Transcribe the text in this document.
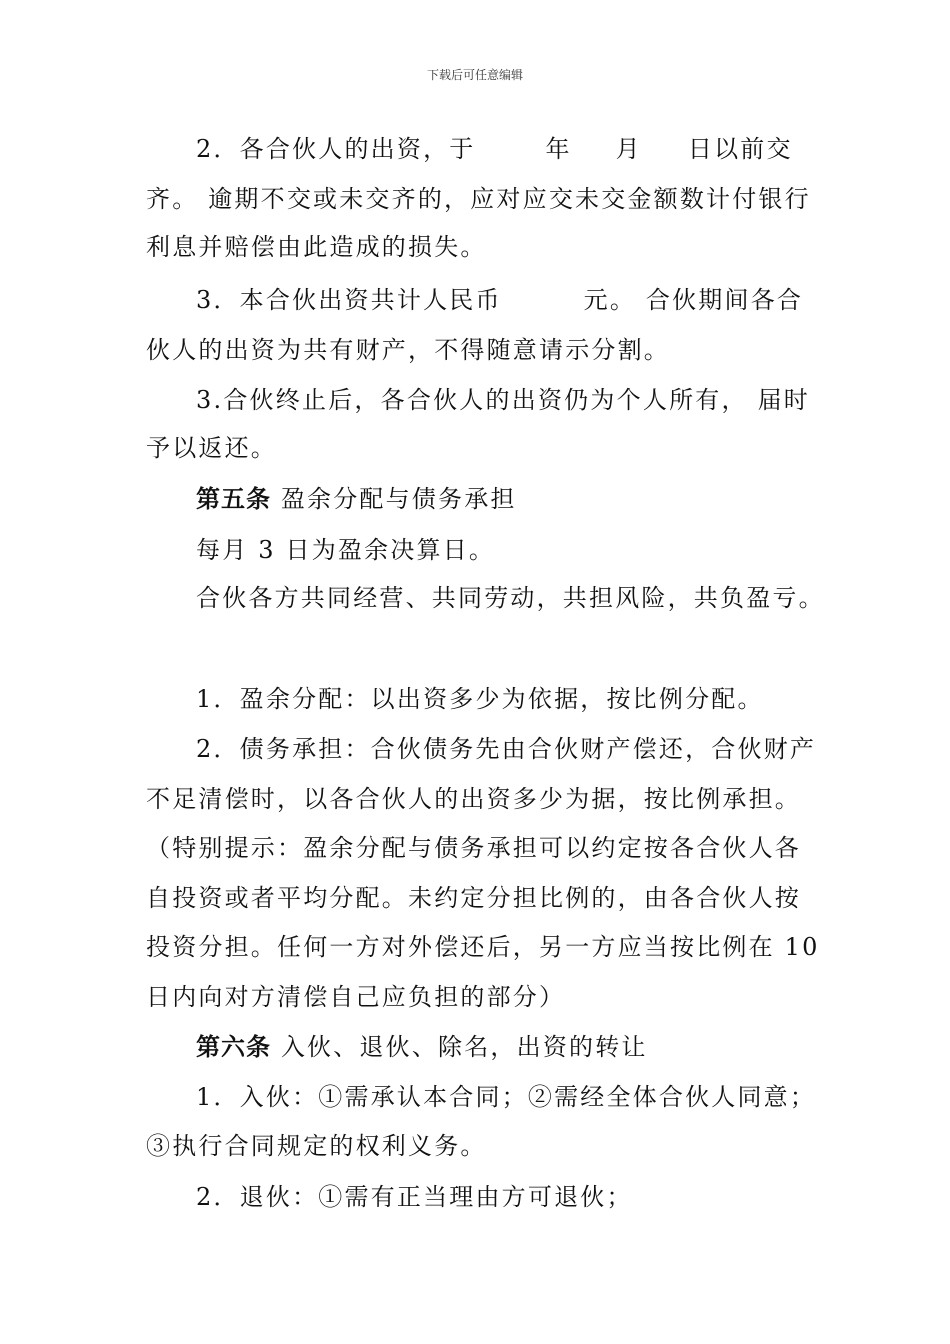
下载后可任意编辑
2．各合伙人的出资，于	年 月 日以前交
齐。 逾期不交或未交齐的，应对应交未交金额数计付银行
利息并赔偿由此造成的损失。
3．本合伙出资共计人民币	元。 合伙期间各合
伙人的出资为共有财产，不得随意请示分割。
3.合伙终止后，各合伙人的出资仍为个人所有， 届时
予以返还。
第五条 盈余分配与债务承担
每月 3 日为盈余决算日。
合伙各方共同经营、共同劳动，共担风险，共负盈亏。
1．盈余分配：以出资多少为依据，按比例分配。
2．债务承担：合伙债务先由合伙财产偿还，合伙财产
不足清偿时，以各合伙人的出资多少为据，按比例承担。
（特别提示：盈余分配与债务承担可以约定按各合伙人各
自投资或者平均分配。未约定分担比例的，由各合伙人按
投资分担。任何一方对外偿还后，另一方应当按比例在 10
日内向对方清偿自己应负担的部分）
第六条 入伙、退伙、除名，出资的转让
1．入伙：①需承认本合同；②需经全体合伙人同意；
③执行合同规定的权利义务。
2．退伙：①需有正当理由方可退伙；
